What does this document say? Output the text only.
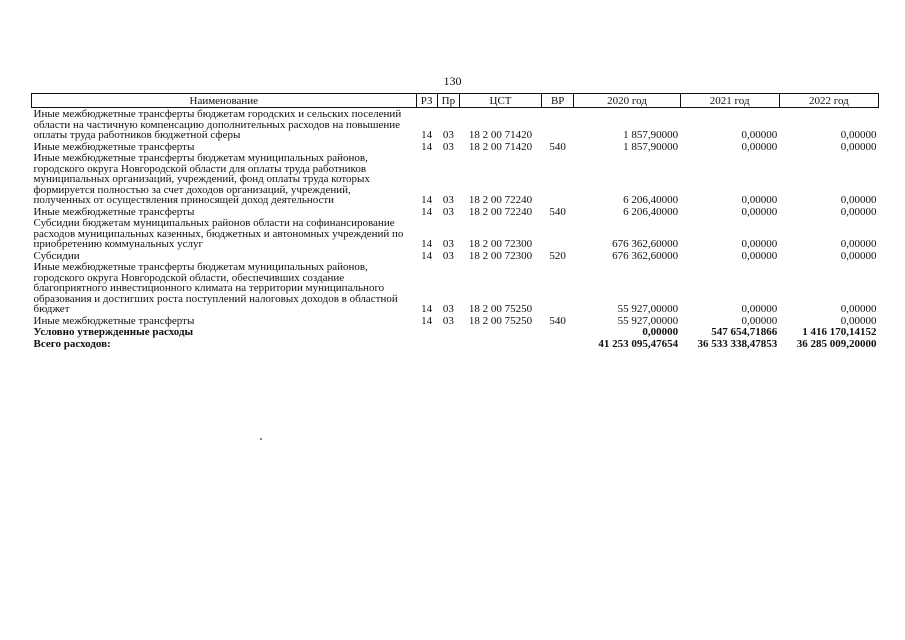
130
Наименование	РЗ	Пр	ЦСТ	ВР	2020 год	2021 год	2022 год
Иные межбюджетные трансферты бюджетам городских и сельских поселений области на частичную компенсацию дополнительных расходов на повышение оплаты труда работников бюджетной сферы	14	03	18 2 00 71420		1 857,90000	0,00000	0,00000
Иные межбюджетные трансферты	14	03	18 2 00 71420	540	1 857,90000	0,00000	0,00000
Иные межбюджетные трансферты бюджетам муниципальных районов, городского округа Новгородской области для оплаты труда работников муниципальных организаций, учреждений, фонд оплаты труда которых формируется полностью за счет доходов организаций, учреждений, полученных от осуществления приносящей доход деятельности	14	03	18 2 00 72240		6 206,40000	0,00000	0,00000
Иные межбюджетные трансферты	14	03	18 2 00 72240	540	6 206,40000	0,00000	0,00000
Субсидии бюджетам муниципальных районов области на софинансирование расходов муниципальных казенных, бюджетных и автономных учреждений по приобретению коммунальных услуг	14	03	18 2 00 72300		676 362,60000	0,00000	0,00000
Субсидии	14	03	18 2 00 72300	520	676 362,60000	0,00000	0,00000
Иные межбюджетные трансферты бюджетам муниципальных районов, городского округа Новгородской области, обеспечивших создание благоприятного инвестиционного климата на территории муниципального образования и достигших роста поступлений налоговых доходов в областной бюджет	14	03	18 2 00 75250		55 927,00000	0,00000	0,00000
Иные межбюджетные трансферты	14	03	18 2 00 75250	540	55 927,00000	0,00000	0,00000
Условно утвержденные расходы					0,00000	547 654,71866	1 416 170,14152
Всего расходов:					41 253 095,47654	36 533 338,47853	36 285 009,20000
